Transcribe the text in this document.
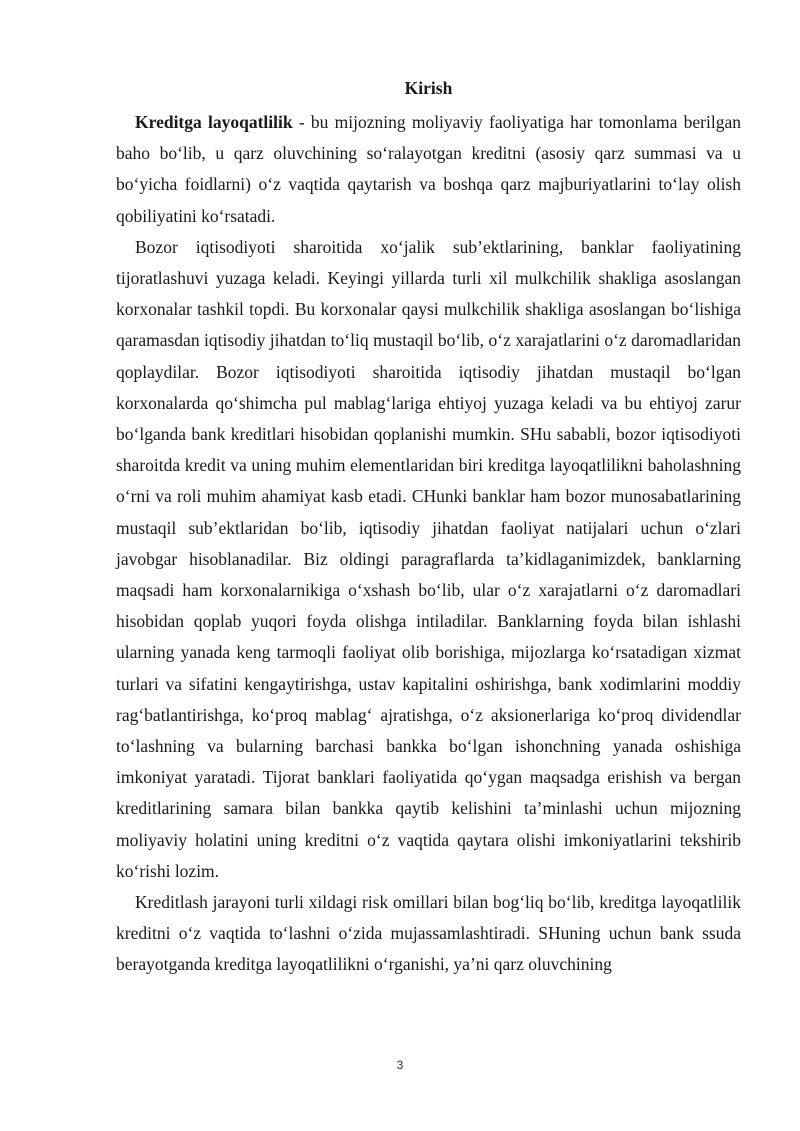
Kirish

Kreditga layoqatlilik - bu mijozning moliyaviy faoliyatiga har tomonlama berilgan baho bo‘lib, u qarz oluvchining so‘ralayotgan kreditni (asosiy qarz summasi va u bo‘yicha foidlarni) o‘z vaqtida qaytarish va boshqa qarz majburiyatlarini to‘lay olish qobiliyatini ko‘rsatadi.

Bozor iqtisodiyoti sharoitida xo‘jalik sub’ektlarining, banklar faoliyatining tijoratlashuvi yuzaga keladi. Keyingi yillarda turli xil mulkchilik shakliga asoslangan korxonalar tashkil topdi. Bu korxonalar qaysi mulkchilik shakliga asoslangan bo‘lishiga qaramasdan iqtisodiy jihatdan to‘liq mustaqil bo‘lib, o‘z xarajatlarini o‘z daromadlaridan qoplaydilar. Bozor iqtisodiyoti sharoitida iqtisodiy jihatdan mustaqil bo‘lgan korxonalarda qo‘shimcha pul mablag‘lariga ehtiyoj yuzaga keladi va bu ehtiyoj zarur bo‘lganda bank kreditlari hisobidan qoplanishi mumkin. SHu sababli, bozor iqtisodiyoti sharoitda kredit va uning muhim elementlaridan biri kreditga layoqatlilikni baholashning o‘rni va roli muhim ahamiyat kasb etadi. CHunki banklar ham bozor munosabatlarining mustaqil sub’ektlaridan bo‘lib, iqtisodiy jihatdan faoliyat natijalari uchun o‘zlari javobgar hisoblanadilar. Biz oldingi paragraflarda ta’kidlaganimizdek, banklarning maqsadi ham korxonalarnikiga o‘xshash bo‘lib, ular o‘z xarajatlarni o‘z daromadlari hisobidan qoplab yuqori foyda olishga intiladilar. Banklarning foyda bilan ishlashi ularning yanada keng tarmoqli faoliyat olib borishiga, mijozlarga ko‘rsatadigan xizmat turlari va sifatini kengaytirishga, ustav kapitalini oshirishga, bank xodimlarini moddiy rag‘batlantirishga, ko‘proq mablag‘ ajratishga, o‘z aksionerlariga ko‘proq dividendlar to‘lashning va bularning barchasi bankka bo‘lgan ishonchning yanada oshishiga imkoniyat yaratadi. Tijorat banklari faoliyatida qo‘ygan maqsadga erishish va bergan kreditlarining samara bilan bankka qaytib kelishini ta’minlashi uchun mijozning moliyaviy holatini uning kreditni o‘z vaqtida qaytara olishi imkoniyatlarini tekshirib ko‘rishi lozim.

Kreditlash jarayoni turli xildagi risk omillari bilan bog‘liq bo‘lib, kreditga layoqatlilik kreditni o‘z vaqtida to‘lashni o‘zida mujassamlashtiradi. SHuning uchun bank ssuda berayotganda kreditga layoqatlilikni o‘rganishi, ya’ni qarz oluvchining

3
